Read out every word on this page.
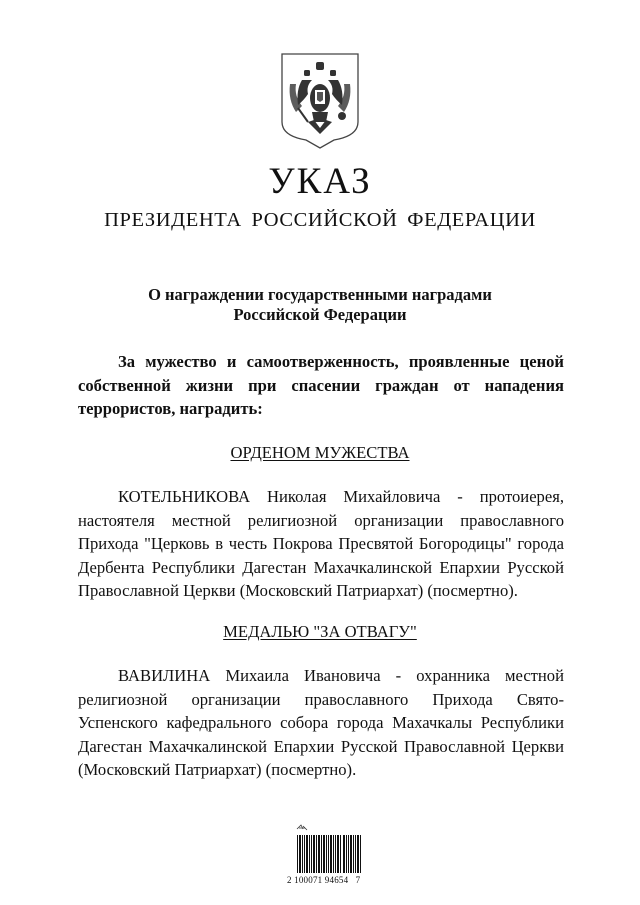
УКАЗ
ПРЕЗИДЕНТА РОССИЙСКОЙ ФЕДЕРАЦИИ
О награждении государственными наградами
Российской Федерации
За мужество и самоотверженность, проявленные ценой собственной жизни при спасении граждан от нападения террористов, наградить:
ОРДЕНОМ МУЖЕСТВА
КОТЕЛЬНИКОВА Николая Михайловича - протоиерея, настоятеля местной религиозной организации православного Прихода "Церковь в честь Покрова Пресвятой Богородицы" города Дербента Республики Дагестан Махачкалинской Епархии Русской Православной Церкви (Московский Патриархат) (посмертно).
МЕДАЛЬЮ "ЗА ОТВАГУ"
ВАВИЛИНА Михаила Ивановича - охранника местной религиозной организации православного Прихода Свято-Успенского кафедрального собора города Махачкалы Республики Дагестан Махачкалинской Епархии Русской Православной Церкви (Московский Патриархат) (посмертно).
2 100071 94654   7
